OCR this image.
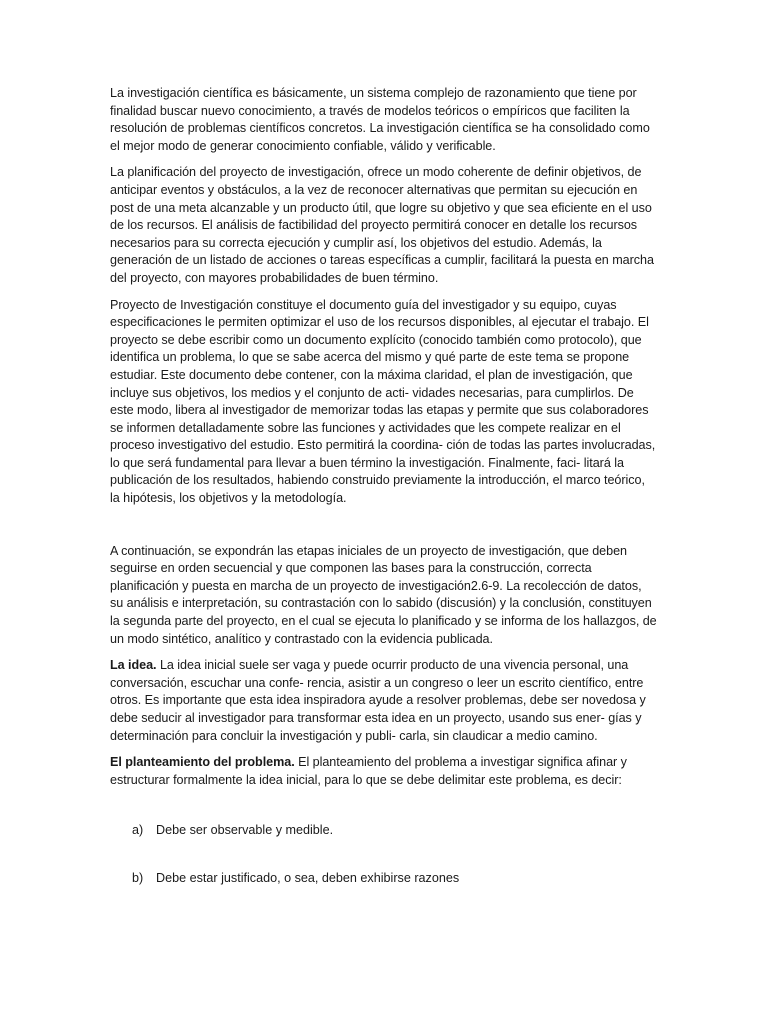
La investigación científica es básicamente, un sistema complejo de razonamiento que tiene por finalidad buscar nuevo conocimiento, a través de modelos teóricos o empíricos que faciliten la resolución de problemas científicos concretos. La investigación científica se ha consolidado como el mejor modo de generar conocimiento confiable, válido y verificable.

La planificación del proyecto de investigación, ofrece un modo coherente de definir objetivos, de anticipar eventos y obstáculos, a la vez de reconocer alternativas que permitan su ejecución en post de una meta alcanzable y un producto útil, que logre su objetivo y que sea eficiente en el uso de los recursos. El análisis de factibilidad del proyecto permitirá conocer en detalle los recursos necesarios para su correcta ejecución y cumplir así, los objetivos del estudio. Además, la generación de un listado de acciones o tareas específicas a cumplir, facilitará la puesta en marcha del proyecto, con mayores probabilidades de buen término.

Proyecto de Investigación constituye el documento guía del investigador y su equipo, cuyas especificaciones le permiten optimizar el uso de los recursos disponibles, al ejecutar el trabajo. El proyecto se debe escribir como un documento explícito (conocido también como protocolo), que identifica un problema, lo que se sabe acerca del mismo y qué parte de este tema se propone estudiar. Este documento debe contener, con la máxima claridad, el plan de investigación, que incluye sus objetivos, los medios y el conjunto de acti- vidades necesarias, para cumplirlos. De este modo, libera al investigador de memorizar todas las etapas y permite que sus colaboradores se informen detalladamente sobre las funciones y actividades que les compete realizar en el proceso investigativo del estudio. Esto permitirá la coordina- ción de todas las partes involucradas, lo que será fundamental para llevar a buen término la investigación. Finalmente, faci- litará la publicación de los resultados, habiendo construido previamente la introducción, el marco teórico, la hipótesis, los objetivos y la metodología.

A continuación, se expondrán las etapas iniciales de un proyecto de investigación, que deben seguirse en orden secuencial y que componen las bases para la construcción, correcta planificación y puesta en marcha de un proyecto de investigación2.6-9. La recolección de datos, su análisis e interpretación, su contrastación con lo sabido (discusión) y la conclusión, constituyen la segunda parte del proyecto, en el cual se ejecuta lo planificado y se informa de los hallazgos, de un modo sintético, analítico y contrastado con la evidencia publicada.

La idea. La idea inicial suele ser vaga y puede ocurrir producto de una vivencia personal, una conversación, escuchar una confe- rencia, asistir a un congreso o leer un escrito científico, entre otros. Es importante que esta idea inspiradora ayude a resolver problemas, debe ser novedosa y debe seducir al investigador para transformar esta idea en un proyecto, usando sus ener- gías y determinación para concluir la investigación y publi- carla, sin claudicar a medio camino.

El planteamiento del problema. El planteamiento del problema a investigar significa afinar y estructurar formalmente la idea inicial, para lo que se debe delimitar este problema, es decir:

a)	Debe ser observable y medible.
b)	Debe estar justificado, o sea, deben exhibirse razones
